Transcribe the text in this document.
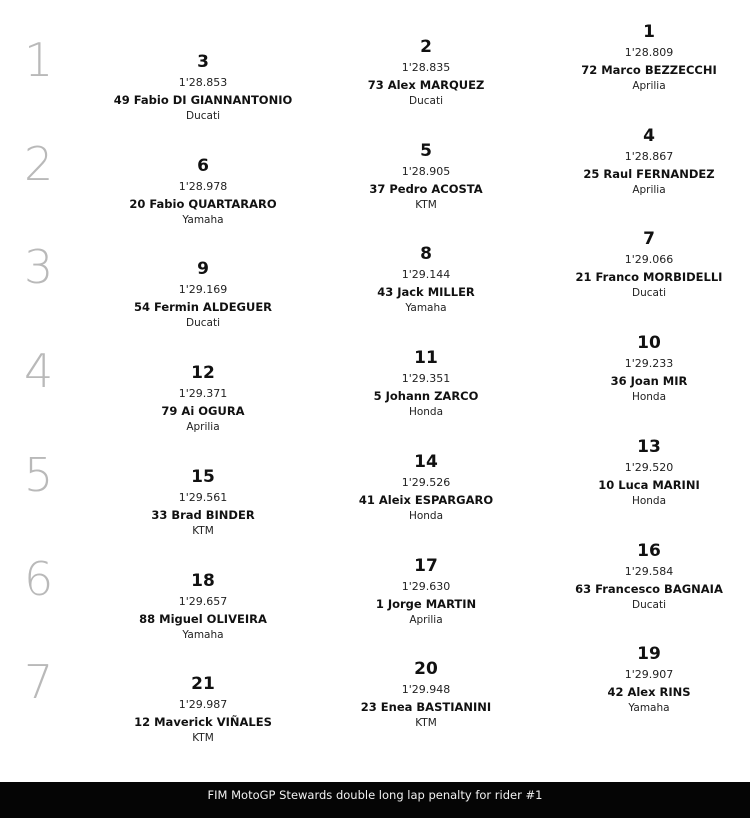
1	3
1'28.853
49 Fabio DI GIANNANTONIO
Ducati
2
1'28.835
73 Alex MARQUEZ
Ducati
1
1'28.809
72 Marco BEZZECCHI
Aprilia
2	6
1'28.978
20 Fabio QUARTARARO
Yamaha
5
1'28.905
37 Pedro ACOSTA
KTM
4
1'28.867
25 Raul FERNANDEZ
Aprilia
3	9
1'29.169
54 Fermin ALDEGUER
Ducati
8
1'29.144
43 Jack MILLER
Yamaha
7
1'29.066
21 Franco MORBIDELLI
Ducati
4	12
1'29.371
79 Ai OGURA
Aprilia
11
1'29.351
5 Johann ZARCO
Honda
10
1'29.233
36 Joan MIR
Honda
5	15
1'29.561
33 Brad BINDER
KTM
14
1'29.526
41 Aleix ESPARGARO
Honda
13
1'29.520
10 Luca MARINI
Honda
6	18
1'29.657
88 Miguel OLIVEIRA
Yamaha
17
1'29.630
1 Jorge MARTIN
Aprilia
16
1'29.584
63 Francesco BAGNAIA
Ducati
7	21
1'29.987
12 Maverick VIÑALES
KTM
20
1'29.948
23 Enea BASTIANINI
KTM
19
1'29.907
42 Alex RINS
Yamaha
FIM MotoGP Stewards double long lap penalty for rider #1
